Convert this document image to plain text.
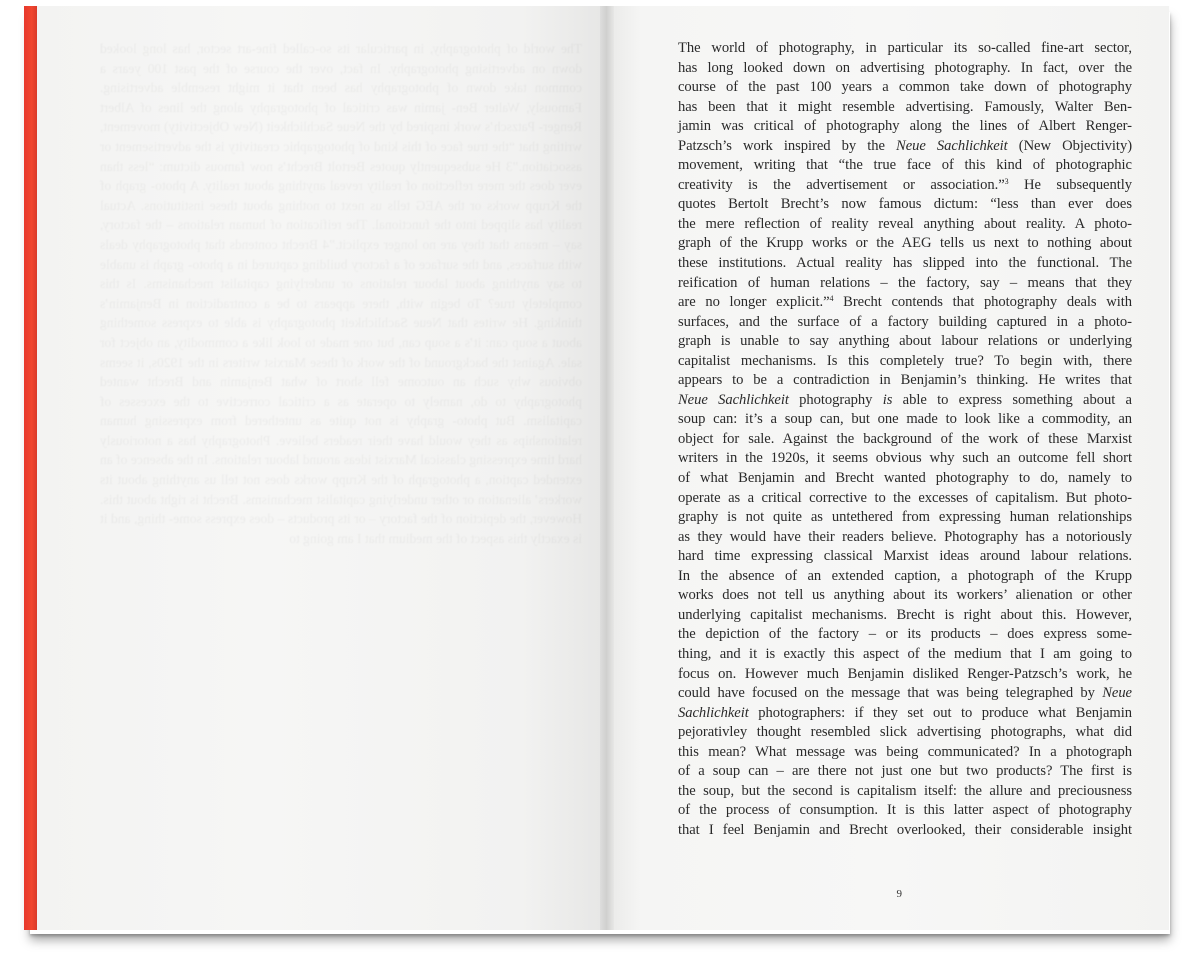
The world of photography, in particular its so-called fine-art sector, has long looked down on advertising photography. In fact, over the course of the past 100 years a common take down of photography has been that it might resemble advertising. Famously, Walter Ben- jamin was critical of photography along the lines of Albert Renger- Patzsch’s work inspired by the Neue Sachlichkeit (New Objectivity) movement, writing that “the true face of this kind of photographic creativity is the advertisement or association.”3 He subsequently quotes Bertolt Brecht’s now famous dictum: “less than ever does the mere reflection of reality reveal anything about reality. A photo- graph of the Krupp works or the AEG tells us next to nothing about these institutions. Actual reality has slipped into the functional. The reification of human relations – the factory, say – means that they are no longer explicit.”4 Brecht contends that photography deals with surfaces, and the surface of a factory building captured in a photo- graph is unable to say anything about labour relations or underlying capitalist mechanisms. Is this completely true? To begin with, there appears to be a contradiction in Benjamin’s thinking. He writes that Neue Sachlichkeit photography is able to express something about a soup can: it’s a soup can, but one made to look like a commodity, an object for sale. Against the background of the work of these Marxist writers in the 1920s, it seems obvious why such an outcome fell short of what Benjamin and Brecht wanted photography to do, namely to operate as a critical corrective to the excesses of capitalism. But photo- graphy is not quite as untethered from expressing human relationships as they would have their readers believe. Photography has a notoriously hard time expressing classical Marxist ideas around labour relations. In the absence of an extended caption, a photograph of the Krupp works does not tell us anything about its workers’ alienation or other underlying capitalist mechanisms. Brecht is right about this. However, the depiction of the factory – or its products – does express some- thing, and it is exactly this aspect of the medium that I am going to
The world of photography, in particular its so-called fine-art sector,
has long looked down on advertising photography. In fact, over the
course of the past 100 years a common take down of photography
has been that it might resemble advertising. Famously, Walter Ben-
jamin was critical of photography along the lines of Albert Renger-
Patzsch’s work inspired by the Neue Sachlichkeit (New Objectivity)
movement, writing that “the true face of this kind of photographic
creativity is the advertisement or association.”$^3$ He subsequently
quotes Bertolt Brecht’s now famous dictum: “less than ever does
the mere reflection of reality reveal anything about reality. A photo-
graph of the Krupp works or the AEG tells us next to nothing about
these institutions. Actual reality has slipped into the functional. The
reification of human relations – the factory, say – means that they
are no longer explicit.”$^4$ Brecht contends that photography deals with
surfaces, and the surface of a factory building captured in a photo-
graph is unable to say anything about labour relations or underlying
capitalist mechanisms. Is this completely true? To begin with, there
appears to be a contradiction in Benjamin’s thinking. He writes that
Neue Sachlichkeit photography is able to express something about a
soup can: it’s a soup can, but one made to look like a commodity, an
object for sale. Against the background of the work of these Marxist
writers in the 1920s, it seems obvious why such an outcome fell short
of what Benjamin and Brecht wanted photography to do, namely to
operate as a critical corrective to the excesses of capitalism. But photo-
graphy is not quite as untethered from expressing human relationships
as they would have their readers believe. Photography has a notoriously
hard time expressing classical Marxist ideas around labour relations.
In the absence of an extended caption, a photograph of the Krupp
works does not tell us anything about its workers’ alienation or other
underlying capitalist mechanisms. Brecht is right about this. However,
the depiction of the factory – or its products – does express some-
thing, and it is exactly this aspect of the medium that I am going to
focus on. However much Benjamin disliked Renger-Patzsch’s work, he
could have focused on the message that was being telegraphed by Neue
Sachlichkeit photographers: if they set out to produce what Benjamin
pejorativley thought resembled slick advertising photographs, what did
this mean? What message was being communicated? In a photograph
of a soup can – are there not just one but two products? The first is
the soup, but the second is capitalism itself: the allure and preciousness
of the process of consumption. It is this latter aspect of photography
that I feel Benjamin and Brecht overlooked, their considerable insight
9
